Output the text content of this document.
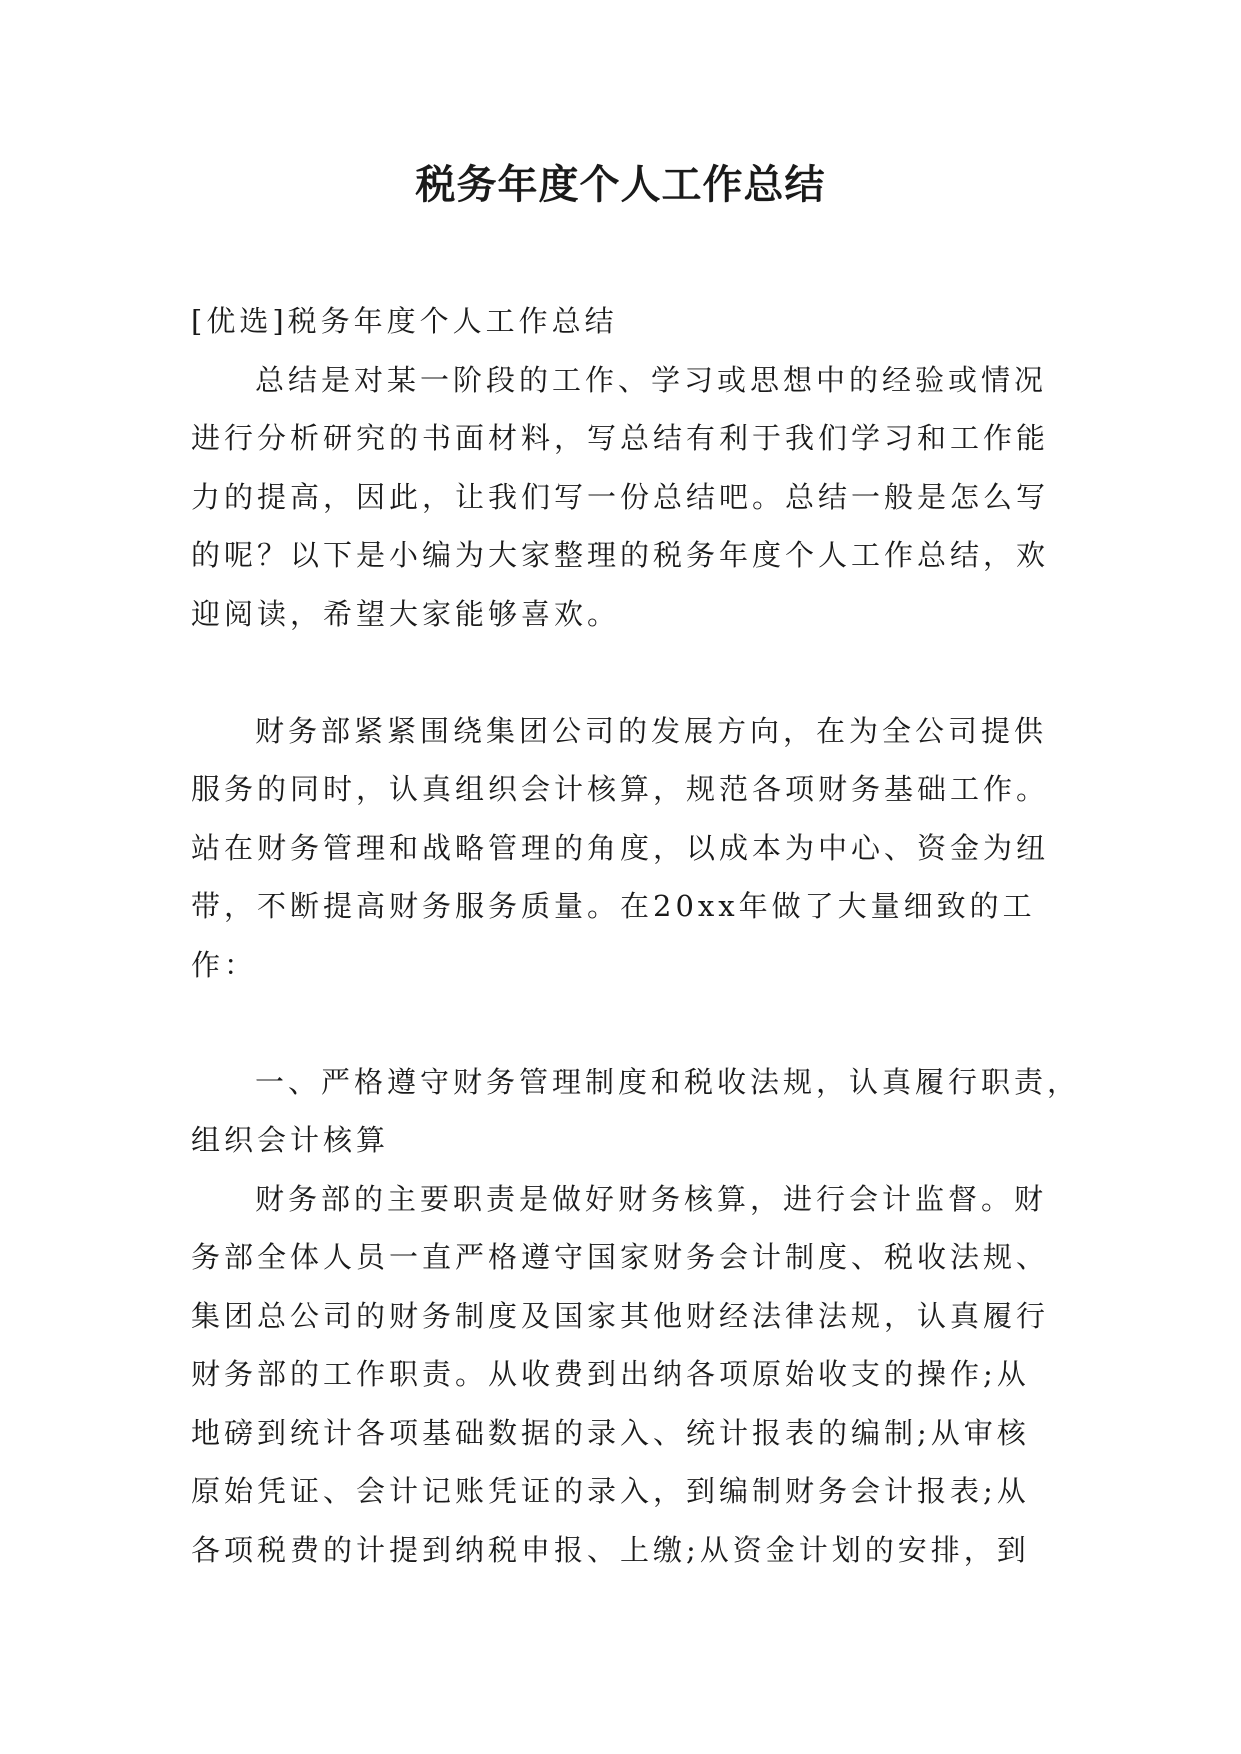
税务年度个人工作总结
[优选]税务年度个人工作总结
总结是对某一阶段的工作、学习或思想中的经验或情况
进行分析研究的书面材料，写总结有利于我们学习和工作能
力的提高，因此，让我们写一份总结吧。总结一般是怎么写
的呢？以下是小编为大家整理的税务年度个人工作总结，欢
迎阅读，希望大家能够喜欢。
财务部紧紧围绕集团公司的发展方向，在为全公司提供
服务的同时，认真组织会计核算，规范各项财务基础工作。
站在财务管理和战略管理的角度，以成本为中心、资金为纽
带，不断提高财务服务质量。在20xx年做了大量细致的工
作：
一、严格遵守财务管理制度和税收法规，认真履行职责，
组织会计核算
财务部的主要职责是做好财务核算，进行会计监督。财
务部全体人员一直严格遵守国家财务会计制度、税收法规、
集团总公司的财务制度及国家其他财经法律法规，认真履行
财务部的工作职责。从收费到出纳各项原始收支的操作;从
地磅到统计各项基础数据的录入、统计报表的编制;从审核
原始凭证、会计记账凭证的录入，到编制财务会计报表;从
各项税费的计提到纳税申报、上缴;从资金计划的安排，到
